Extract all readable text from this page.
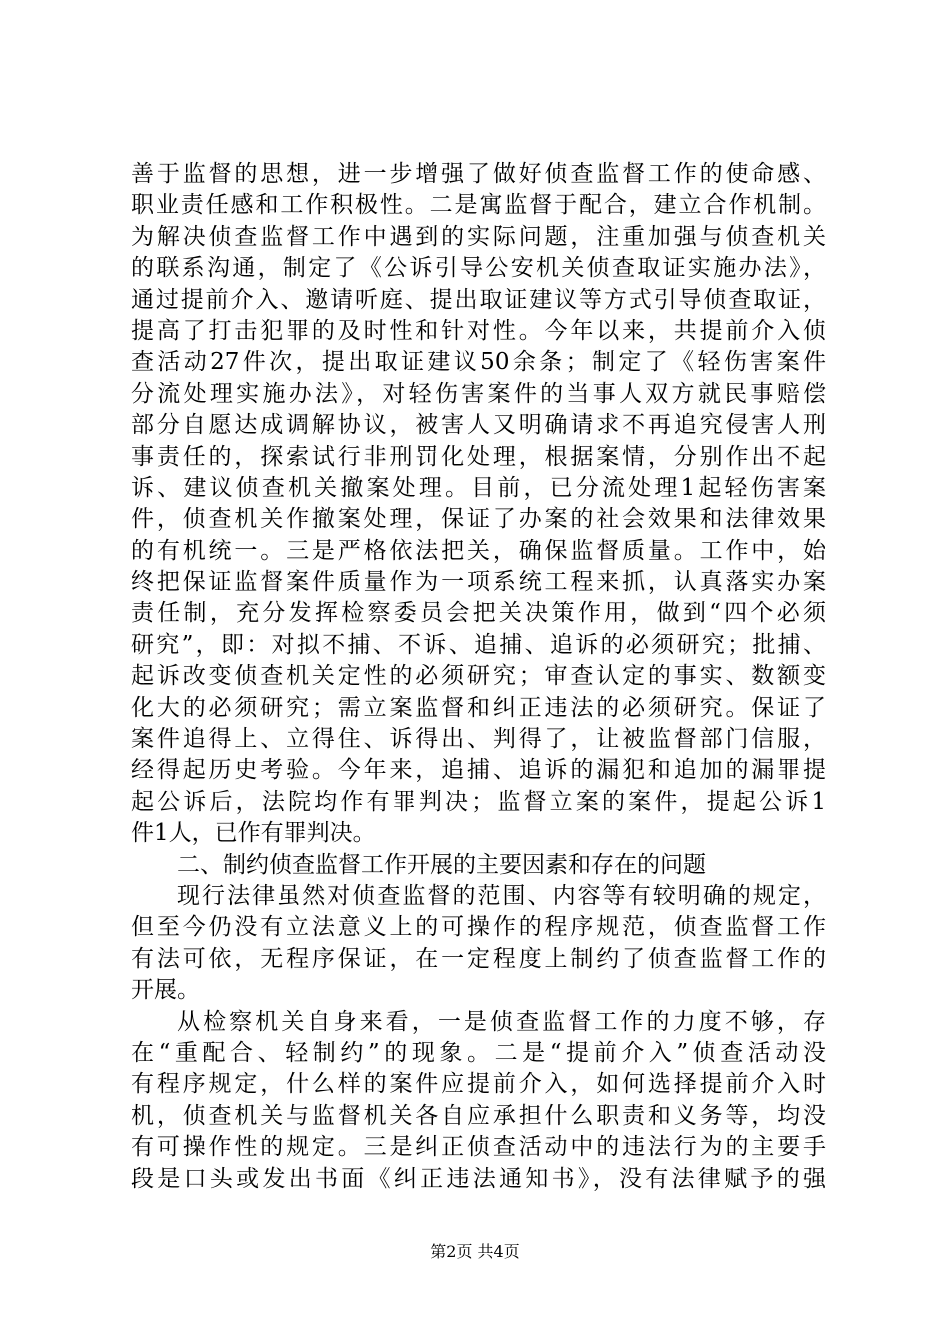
善于监督的思想，进一步增强了做好侦查监督工作的使命感、
职业责任感和工作积极性。二是寓监督于配合，建立合作机制。
为解决侦查监督工作中遇到的实际问题，注重加强与侦查机关
的联系沟通，制定了《公诉引导公安机关侦查取证实施办法》，
通过提前介入、邀请听庭、提出取证建议等方式引导侦查取证，
提高了打击犯罪的及时性和针对性。今年以来，共提前介入侦
查活动27件次，提出取证建议50余条；制定了《轻伤害案件
分流处理实施办法》，对轻伤害案件的当事人双方就民事赔偿
部分自愿达成调解协议，被害人又明确请求不再追究侵害人刑
事责任的，探索试行非刑罚化处理，根据案情，分别作出不起
诉、建议侦查机关撤案处理。目前，已分流处理1起轻伤害案
件，侦查机关作撤案处理，保证了办案的社会效果和法律效果
的有机统一。三是严格依法把关，确保监督质量。工作中，始
终把保证监督案件质量作为一项系统工程来抓，认真落实办案
责任制，充分发挥检察委员会把关决策作用，做到“四个必须
研究”，即：对拟不捕、不诉、追捕、追诉的必须研究；批捕、
起诉改变侦查机关定性的必须研究；审查认定的事实、数额变
化大的必须研究；需立案监督和纠正违法的必须研究。保证了
案件追得上、立得住、诉得出、判得了，让被监督部门信服，
经得起历史考验。今年来，追捕、追诉的漏犯和追加的漏罪提
起公诉后，法院均作有罪判决；监督立案的案件，提起公诉1
件1人，已作有罪判决。
二、制约侦查监督工作开展的主要因素和存在的问题
现行法律虽然对侦查监督的范围、内容等有较明确的规定，
但至今仍没有立法意义上的可操作的程序规范，侦查监督工作
有法可依，无程序保证，在一定程度上制约了侦查监督工作的
开展。
从检察机关自身来看，一是侦查监督工作的力度不够，存
在“重配合、轻制约”的现象。二是“提前介入”侦查活动没
有程序规定，什么样的案件应提前介入，如何选择提前介入时
机，侦查机关与监督机关各自应承担什么职责和义务等，均没
有可操作性的规定。三是纠正侦查活动中的违法行为的主要手
段是口头或发出书面《纠正违法通知书》，没有法律赋予的强
第2页 共4页
